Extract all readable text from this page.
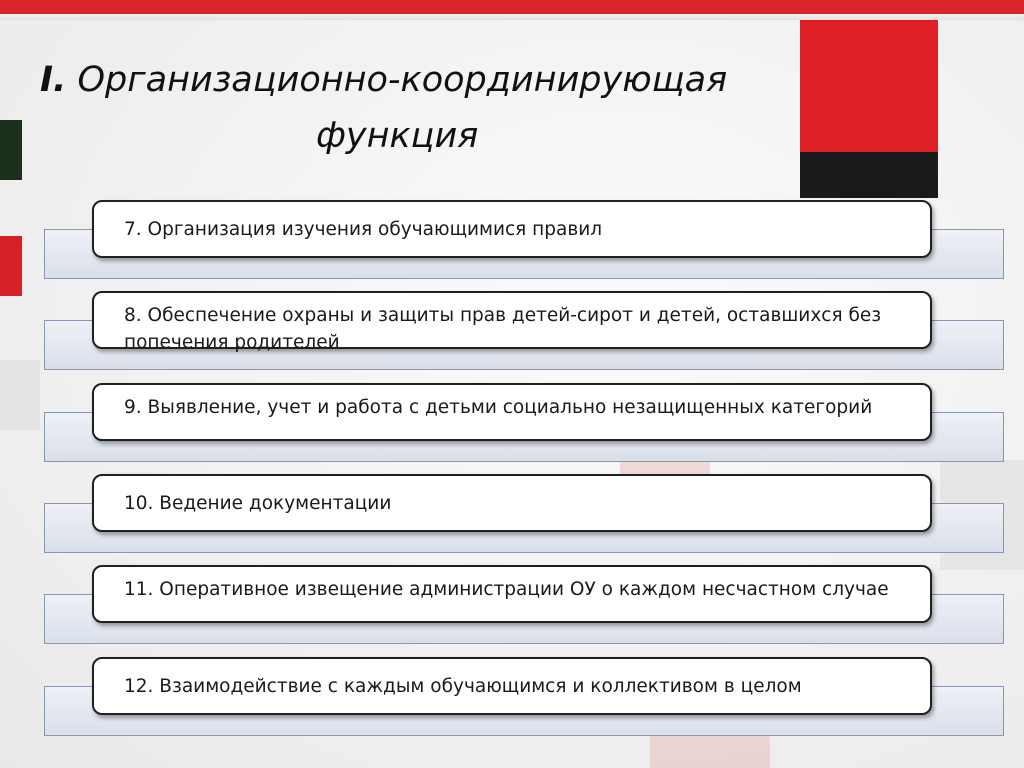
I. Организационно-координирующая
функция
7. Организация изучения обучающимися правил
8. Обеспечение охраны и защиты прав детей-сирот и детей, оставшихся без попечения родителей
9. Выявление, учет и работа с детьми социально незащищенных категорий
10. Ведение документации
11. Оперативное извещение администрации ОУ о каждом несчастном случае
12. Взаимодействие с каждым обучающимся и коллективом в целом
